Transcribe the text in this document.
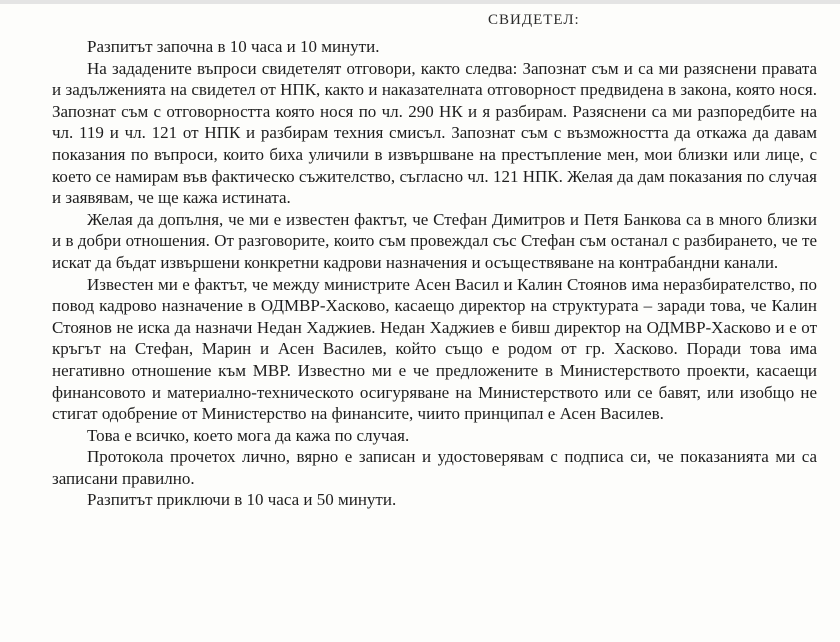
СВИДЕТЕЛ:

Разпитът започна в 10 часа и 10 минути.

На зададените въпроси свидетелят отговори, както следва: Запознат съм и са ми разяснени правата и задълженията на свидетел от НПК, както и наказателната отговорност предвидена в закона, която нося. Запознат съм с отговорността която нося по чл. 290 НК и я разбирам. Разяснени са ми разпоредбите на чл. 119 и чл. 121 от НПК и разбирам техния смисъл. Запознат съм с възможността да откажа да давам показания по въпроси, които биха уличили в извършване на престъпление мен, мои близки или лице, с което се намирам във фактическо съжителство, съгласно чл. 121 НПК. Желая да дам показания по случая и заявявам, че ще кажа истината.

Желая да допълня, че ми е известен фактът, че Стефан Димитров и Петя Банкова са в много близки и в добри отношения. От разговорите, които съм провеждал със Стефан съм останал с разбирането, че те искат да бъдат извършени конкретни кадрови назначения и осъществяване на контрабандни канали.

Известен ми е фактът, че между министрите Асен Васил и Калин Стоянов има неразбирателство, по повод кадрово назначение в ОДМВР-Хасково, касаещо директор на структурата – заради това, че Калин Стоянов не иска да назначи Недан Хаджиев. Недан Хаджиев е бивш директор на ОДМВР-Хасково и е от кръгът на Стефан, Марин и Асен Василев, който също е родом от гр. Хасково. Поради това има негативно отношение към МВР. Известно ми е че предложените в Министерството проекти, касаещи финансовото и материално-техническото осигуряване на Министерството или се бавят, или изобщо не стигат одобрение от Министерство на финансите, чиито принципал е Асен Василев.

Това е всичко, което мога да кажа по случая.

Протокола прочетох лично, вярно е записан и удостоверявам с подписа си, че показанията ми са записани правилно.

Разпитът приключи в 10 часа и 50 минути.
